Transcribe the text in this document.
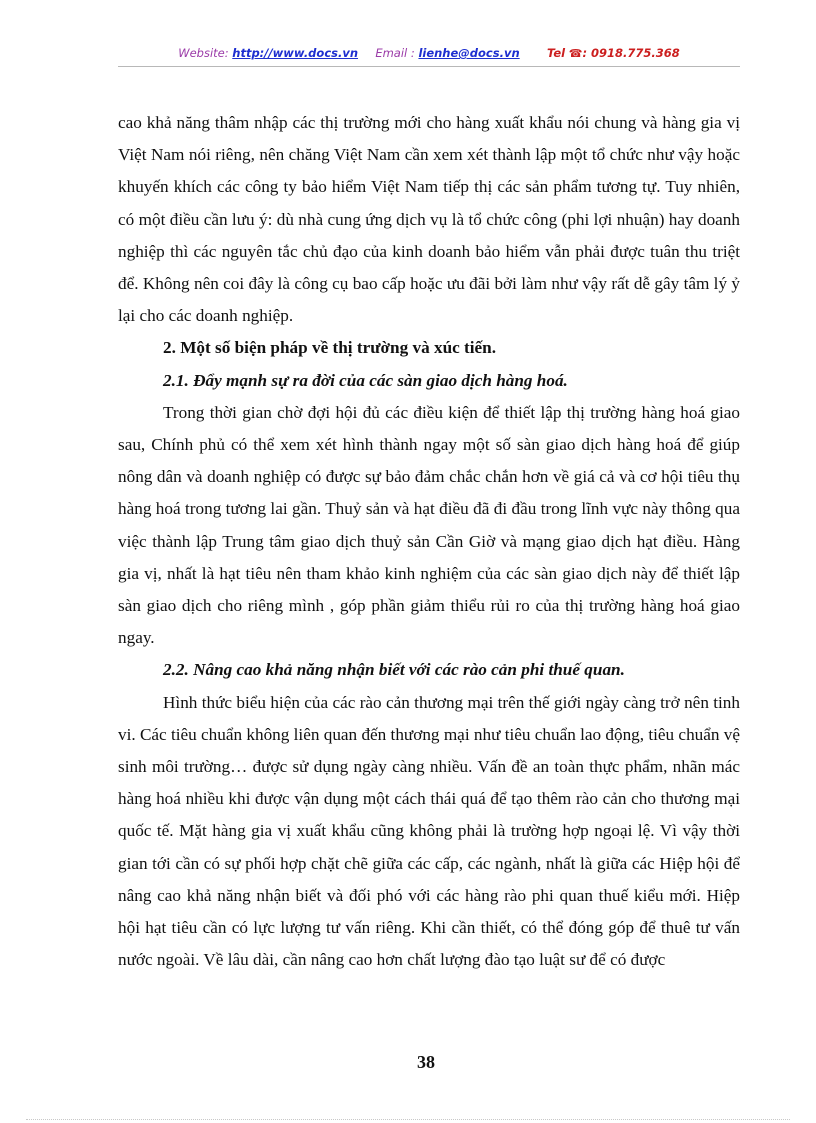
Website: http://www.docs.vn Email : lienhe@docs.vn Tel ☎: 0918.775.368

cao khả năng thâm nhập các thị trường mới cho hàng xuất khẩu nói chung và hàng gia vị Việt Nam nói riêng, nên chăng Việt Nam cần xem xét thành lập một tổ chức như vậy hoặc khuyến khích các công ty bảo hiểm Việt Nam tiếp thị các sản phẩm tương tự. Tuy nhiên, có một điều cần lưu ý: dù nhà cung ứng dịch vụ là tổ chức công (phi lợi nhuận) hay doanh nghiệp thì các nguyên tắc chủ đạo của kinh doanh bảo hiểm vẫn phải được tuân thu triệt để. Không nên coi đây là công cụ bao cấp hoặc ưu đãi bởi làm như vậy rất dễ gây tâm lý ỷ lại cho các doanh nghiệp.

2. Một số biện pháp về thị trường và xúc tiến.

2.1. Đẩy mạnh sự ra đời của các sàn giao dịch hàng hoá.

Trong thời gian chờ đợi hội đủ các điều kiện để thiết lập thị trường hàng hoá giao sau, Chính phủ có thể xem xét hình thành ngay một số sàn giao dịch hàng hoá để giúp nông dân và doanh nghiệp có được sự bảo đảm chắc chắn hơn về giá cả và cơ hội tiêu thụ hàng hoá trong tương lai gần. Thuỷ sản và hạt điều đã đi đầu trong lĩnh vực này thông qua việc thành lập Trung tâm giao dịch thuỷ sản Cần Giờ và mạng giao dịch hạt điều. Hàng gia vị, nhất là hạt tiêu nên tham khảo kinh nghiệm của các sàn giao dịch này để thiết lập sàn giao dịch cho riêng mình , góp phần giảm thiểu rủi ro của thị trường hàng hoá giao ngay.

2.2. Nâng cao khả năng nhận biết với các rào cản phi thuế quan.

Hình thức biểu hiện của các rào cản thương mại trên thế giới ngày càng trở nên tinh vi. Các tiêu chuẩn không liên quan đến thương mại như tiêu chuẩn lao động, tiêu chuẩn vệ sinh môi trường… được sử dụng ngày càng nhiều. Vấn đề an toàn thực phẩm, nhãn mác hàng hoá nhiều khi được vận dụng một cách thái quá để tạo thêm rào cản cho thương mại quốc tế. Mặt hàng gia vị xuất khẩu cũng không phải là trường hợp ngoại lệ. Vì vậy thời gian tới cần có sự phối hợp chặt chẽ giữa các cấp, các ngành, nhất là giữa các Hiệp hội để nâng cao khả năng nhận biết và đối phó với các hàng rào phi quan thuế kiểu mới. Hiệp hội hạt tiêu cần có lực lượng tư vấn riêng. Khi cần thiết, có thể đóng góp để thuê tư vấn nước ngoài. Về lâu dài, cần nâng cao hơn chất lượng đào tạo luật sư để có được

38
